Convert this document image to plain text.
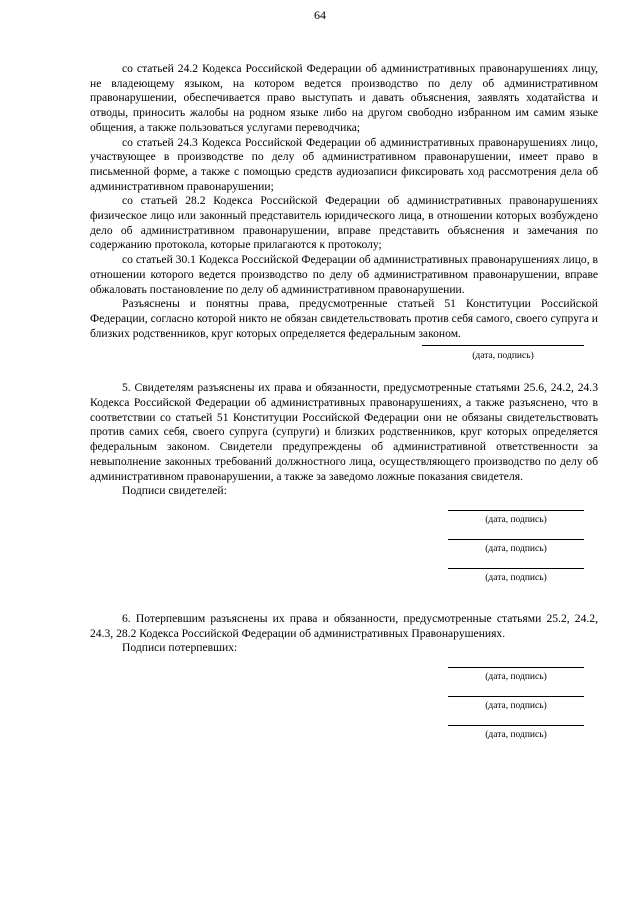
64

со статьей 24.2 Кодекса Российской Федерации об административных правонарушениях лицу, не владеющему языком, на котором ведется производство по делу об административном правонарушении, обеспечивается право выступать и давать объяснения, заявлять ходатайства и отводы, приносить жалобы на родном языке либо на другом свободно избранном им самим языке общения, а также пользоваться услугами переводчика;

со статьей 24.3 Кодекса Российской Федерации об административных правонарушениях лицо, участвующее в производстве по делу об административном правонарушении, имеет право в письменной форме, а также с помощью средств аудиозаписи фиксировать ход рассмотрения дела об административном правонарушении;

со статьей 28.2 Кодекса Российской Федерации об административных правонарушениях физическое лицо или законный представитель юридического лица, в отношении которых возбуждено дело об административном правонарушении, вправе представить объяснения и замечания по содержанию протокола, которые прилагаются к протоколу;

со статьей 30.1 Кодекса Российской Федерации об административных правонарушениях лицо, в отношении которого ведется производство по делу об административном правонарушении, вправе обжаловать постановление по делу об административном правонарушении.

Разъяснены и понятны права, предусмотренные статьей 51 Конституции Российской Федерации, согласно которой никто не обязан свидетельствовать против себя самого, своего супруга и близких родственников, круг которых определяется федеральным законом.

(дата, подпись)

5. Свидетелям разъяснены их права и обязанности, предусмотренные статьями 25.6, 24.2, 24.3 Кодекса Российской Федерации об административных правонарушениях, а также разъяснено, что в соответствии со статьей 51 Конституции Российской Федерации они не обязаны свидетельствовать против самих себя, своего супруга (супруги) и близких родственников, круг которых определяется федеральным законом. Свидетели предупреждены об административной ответственности за невыполнение законных требований должностного лица, осуществляющего производство по делу об административном правонарушении, а также за заведомо ложные показания свидетеля.

Подписи свидетелей:

(дата, подпись)
(дата, подпись)
(дата, подпись)

6. Потерпевшим разъяснены их права и обязанности, предусмотренные статьями 25.2, 24.2, 24.3, 28.2 Кодекса Российской Федерации об административных Правонарушениях.

Подписи потерпевших:

(дата, подпись)
(дата, подпись)
(дата, подпись)
